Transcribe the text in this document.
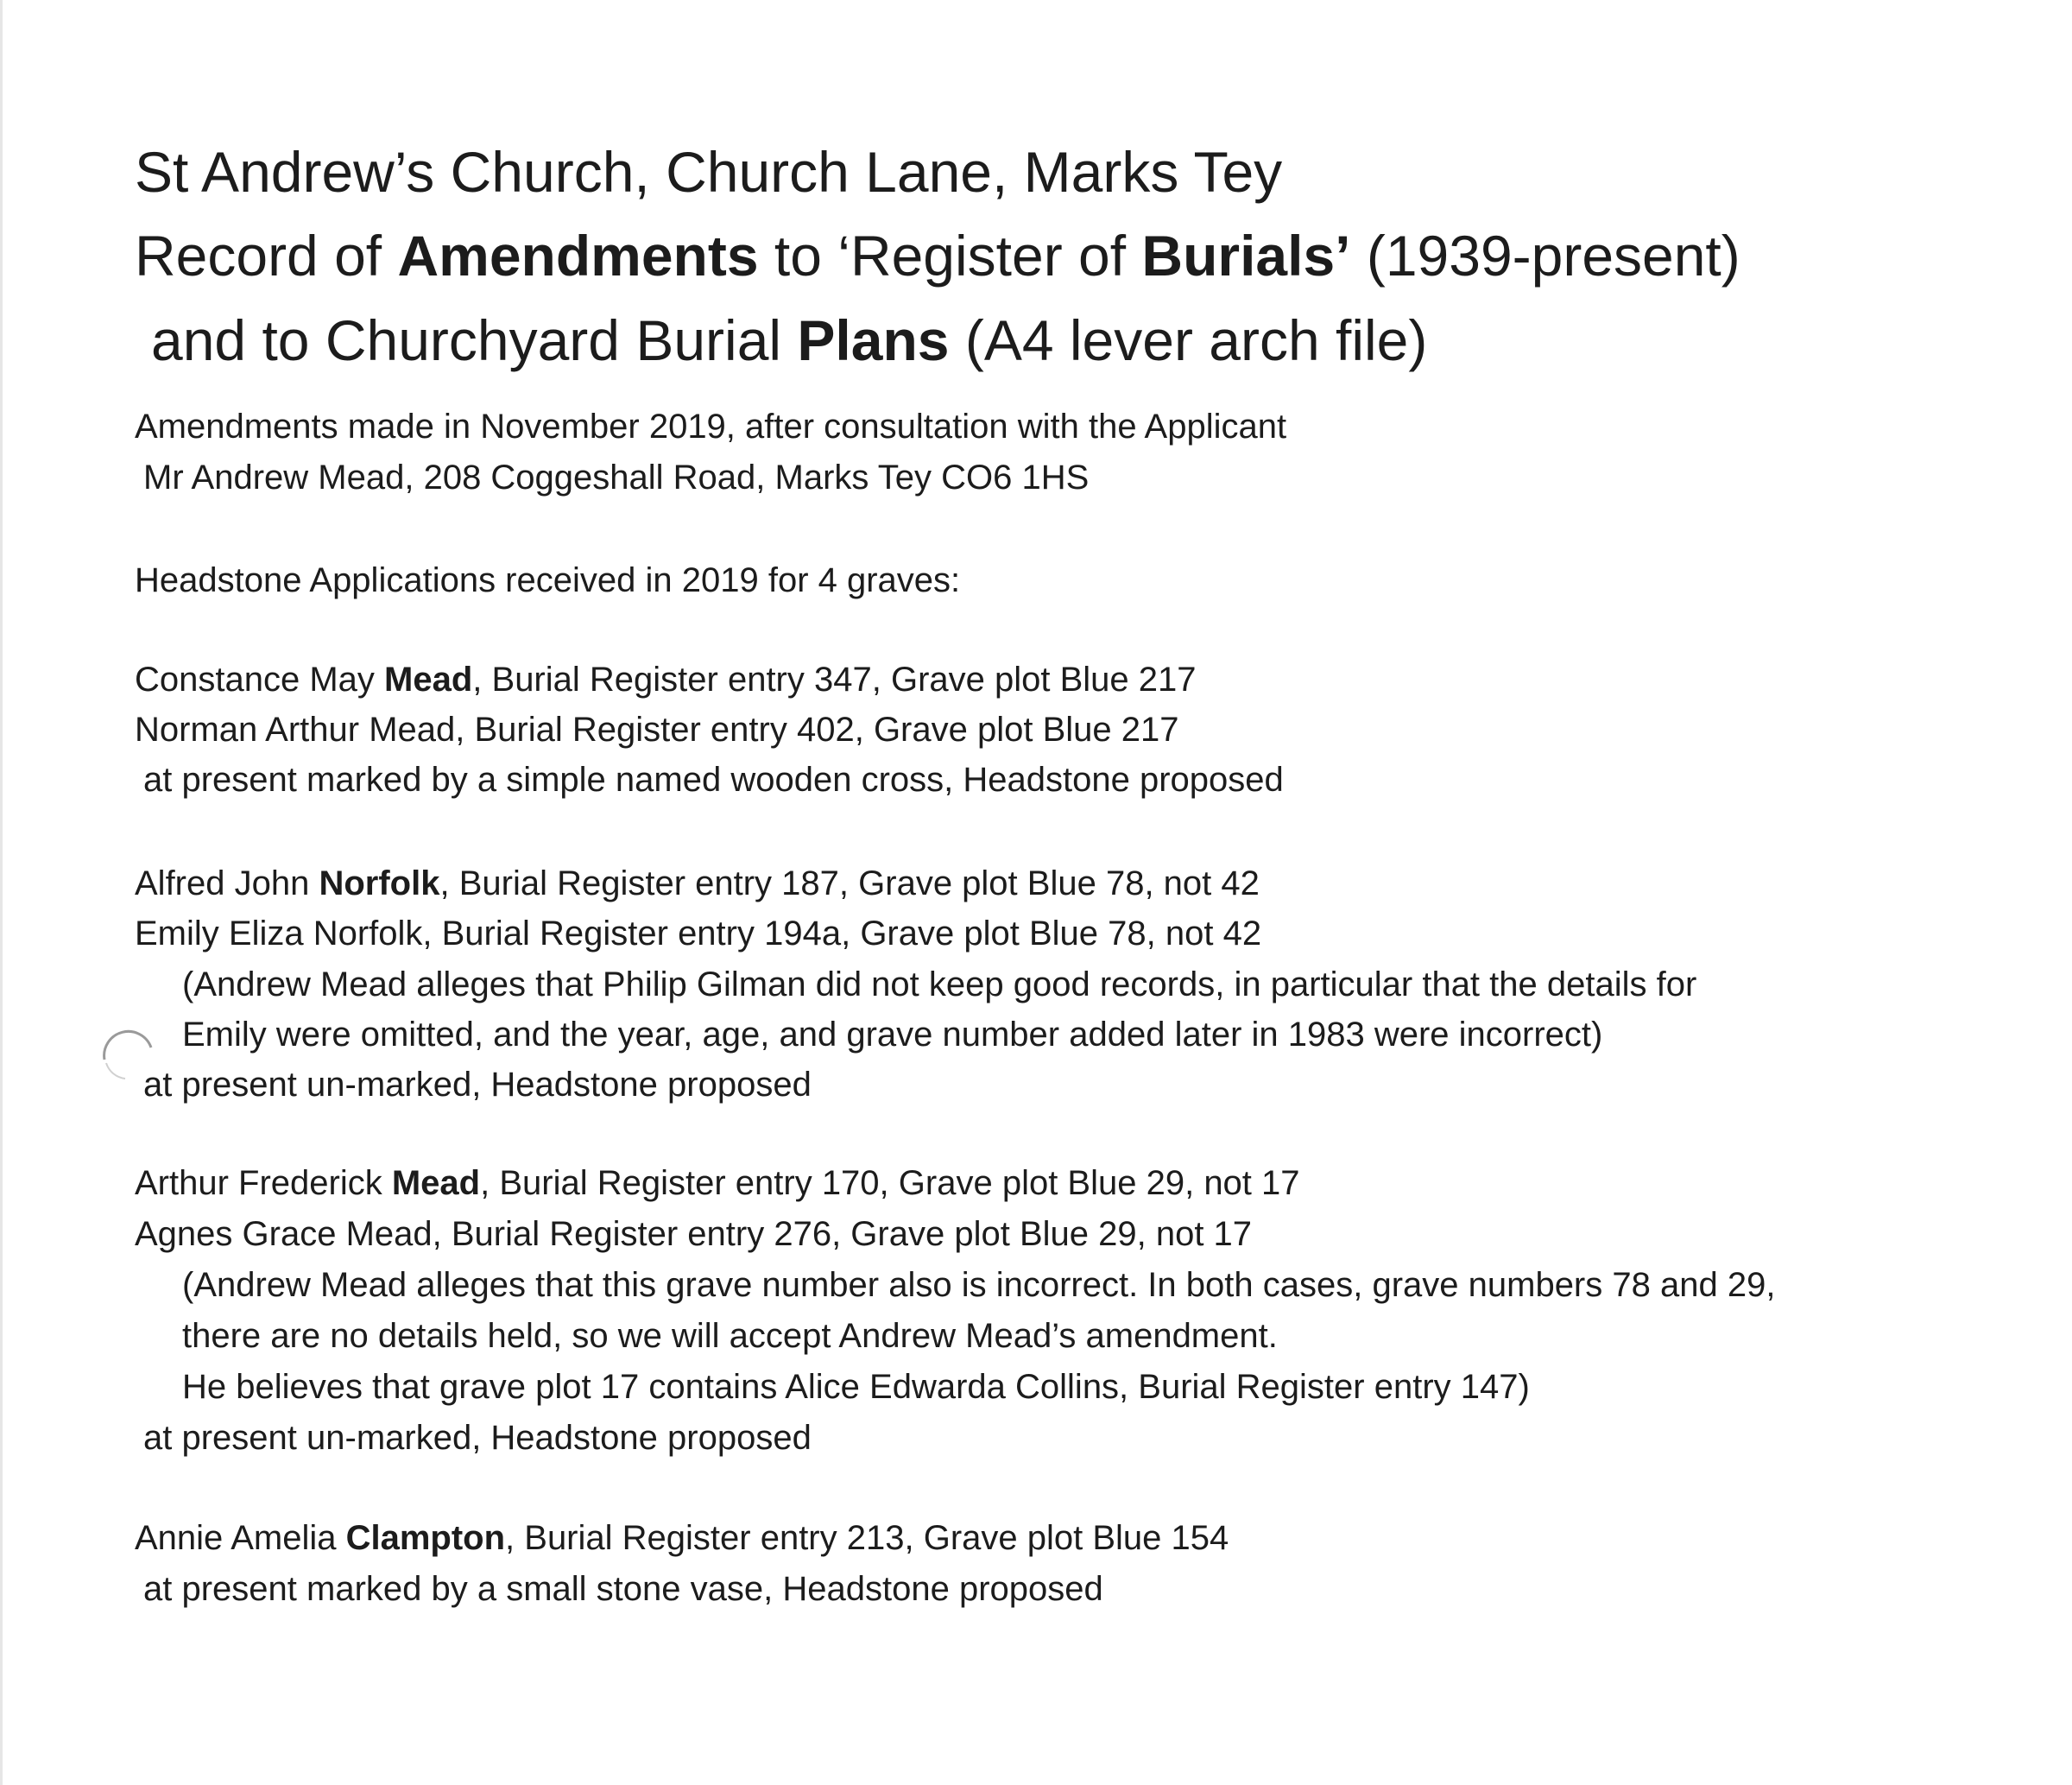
St Andrew’s Church, Church Lane, Marks Tey
Record of Amendments to ‘Register of Burials’ (1939-present)
and to Churchyard Burial Plans (A4 lever arch file)
Amendments made in November 2019, after consultation with the Applicant
Mr Andrew Mead, 208 Coggeshall Road, Marks Tey CO6 1HS
Headstone Applications received in 2019 for 4 graves:
Constance May Mead, Burial Register entry 347, Grave plot Blue 217
Norman Arthur Mead, Burial Register entry 402, Grave plot Blue 217
at present marked by a simple named wooden cross, Headstone proposed
Alfred John Norfolk, Burial Register entry 187, Grave plot Blue 78, not 42
Emily Eliza Norfolk, Burial Register entry 194a, Grave plot Blue 78, not 42
(Andrew Mead alleges that Philip Gilman did not keep good records, in particular that the details for
Emily were omitted, and the year, age, and grave number added later in 1983 were incorrect)
at present un-marked, Headstone proposed
Arthur Frederick Mead, Burial Register entry 170, Grave plot Blue 29, not 17
Agnes Grace Mead, Burial Register entry 276, Grave plot Blue 29, not 17
(Andrew Mead alleges that this grave number also is incorrect. In both cases, grave numbers 78 and 29,
there are no details held, so we will accept Andrew Mead’s amendment.
He believes that grave plot 17 contains Alice Edwarda Collins, Burial Register entry 147)
at present un-marked, Headstone proposed
Annie Amelia Clampton, Burial Register entry 213, Grave plot Blue 154
at present marked by a small stone vase, Headstone proposed
